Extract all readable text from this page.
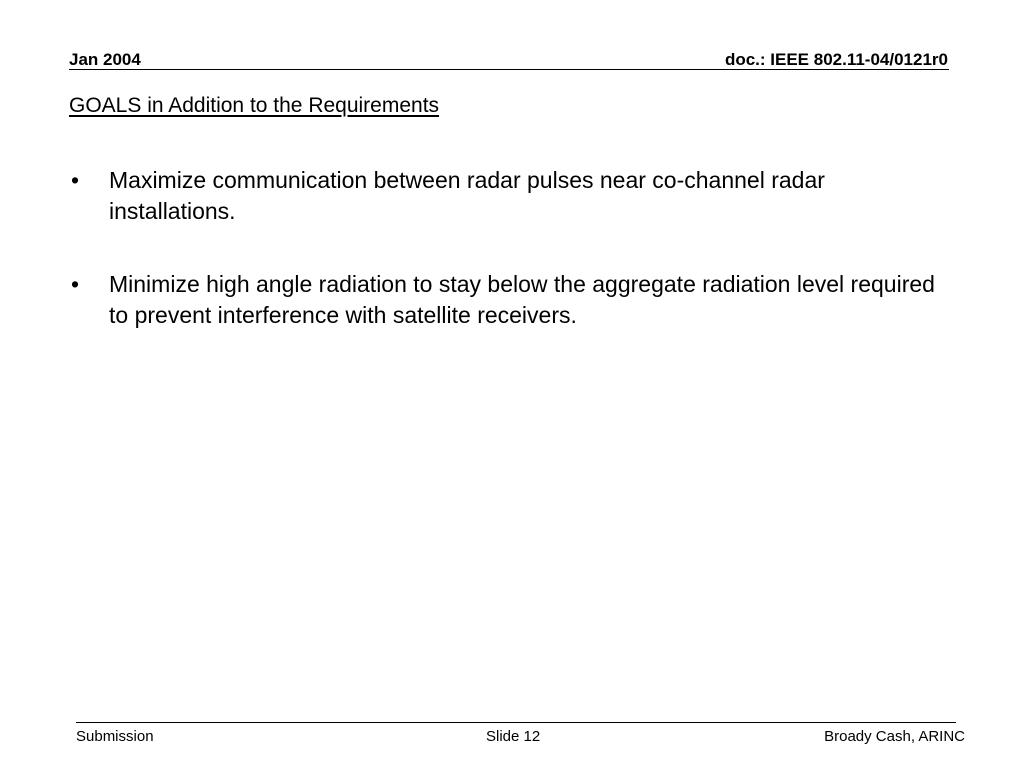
Jan 2004	doc.: IEEE 802.11-04/0121r0
GOALS in Addition to the Requirements
• Maximize communication between radar pulses near co-channel radar installations.
• Minimize high angle radiation to stay below the aggregate radiation level required to prevent interference with satellite receivers.
Submission	Slide 12	Broady Cash, ARINC
